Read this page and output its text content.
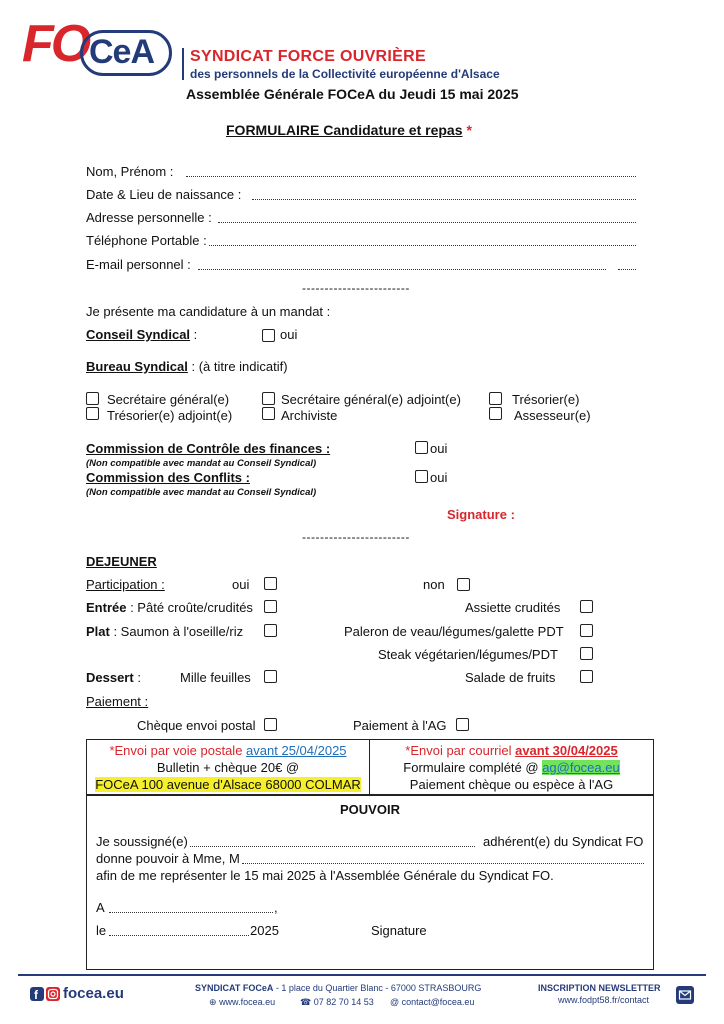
FO CeA SYNDICAT FORCE OUVRIÈRE
des personnels de la Collectivité européenne d'Alsace
Assemblée Générale FOCeA du Jeudi 15 mai 2025
FORMULAIRE Candidature et repas *
Nom, Prénom :
Date & Lieu de naissance :
Adresse personnelle :
Téléphone Portable :
E-mail personnel :
------------------------
Je présente ma candidature à un mandat :
Conseil Syndical :	oui
Bureau Syndical : (à titre indicatif)
Secrétaire général(e)	Secrétaire général(e) adjoint(e)	Trésorier(e)
Trésorier(e) adjoint(e)	Archiviste	Assesseur(e)
Commission de Contrôle des finances :
(Non compatible avec mandat au Conseil Syndical)
oui
Commission des Conflits :
(Non compatible avec mandat au Conseil Syndical)
oui
Signature :
------------------------
DEJEUNER
Participation :	oui	non
Entrée : Pâté croûte/crudités	Assiette crudités
Plat : Saumon à l'oseille/riz	Paleron de veau/légumes/galette PDT
Steak végétarien/légumes/PDT
Dessert :	Mille feuilles	Salade de fruits
Paiement :
Chèque envoi postal	Paiement à l'AG
*Envoi par voie postale avant 25/04/2025
Bulletin + chèque 20€ @
FOCeA 100 avenue d'Alsace 68000 COLMAR
*Envoi par courriel avant 30/04/2025
Formulaire complété @ ag@focea.eu
Paiement chèque ou espèce à l'AG
POUVOIR
Je soussigné(e)	adhérent(e) du Syndicat FO
donne pouvoir à Mme, M
afin de me représenter le 15 mai 2025 à l'Assemblée Générale du Syndicat FO.
A	,
le	2025	Signature
f focea.eu	SYNDICAT FOCeA - 1 place du Quartier Blanc - 67000 STRASBOURG
⊕ www.focea.eu	☎ 07 82 70 14 53 @ contact@focea.eu
INSCRIPTION NEWSLETTER
www.fodpt58.fr/contact
